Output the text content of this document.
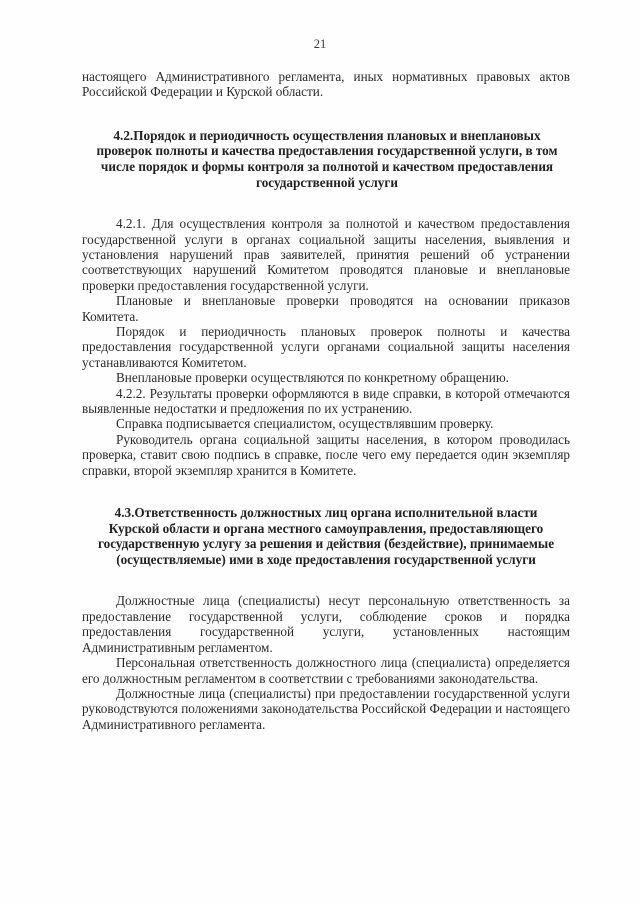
21

настоящего Административного регламента, иных нормативных правовых актов Российской Федерации и Курской области.

4.2.Порядок и периодичность осуществления плановых и внеплановых проверок полноты и качества предоставления государственной услуги, в том числе порядок и формы контроля за полнотой и качеством предоставления государственной услуги

4.2.1. Для осуществления контроля за полнотой и качеством предоставления государственной услуги в органах социальной защиты населения, выявления и установления нарушений прав заявителей, принятия решений об устранении соответствующих нарушений Комитетом проводятся плановые и внеплановые проверки предоставления государственной услуги.

Плановые и внеплановые проверки проводятся на основании приказов Комитета.

Порядок и периодичность плановых проверок полноты и качества предоставления государственной услуги органами социальной защиты населения устанавливаются Комитетом.

Внеплановые проверки осуществляются по конкретному обращению.

4.2.2. Результаты проверки оформляются в виде справки, в которой отмечаются выявленные недостатки и предложения по их устранению.

Справка подписывается специалистом, осуществлявшим проверку.

Руководитель органа социальной защиты населения, в котором проводилась проверка, ставит свою подпись в справке, после чего ему передается один экземпляр справки, второй экземпляр хранится в Комитете.

4.3.Ответственность должностных лиц органа исполнительной власти Курской области и органа местного самоуправления, предоставляющего государственную услугу за решения и действия (бездействие), принимаемые (осуществляемые) ими в ходе предоставления государственной услуги

Должностные лица (специалисты) несут персональную ответственность за предоставление государственной услуги, соблюдение сроков и порядка предоставления государственной услуги, установленных настоящим Административным регламентом.

Персональная ответственность должностного лица (специалиста) определяется его должностным регламентом в соответствии с требованиями законодательства.

Должностные лица (специалисты) при предоставлении государственной услуги руководствуются положениями законодательства Российской Федерации и настоящего Административного регламента.
